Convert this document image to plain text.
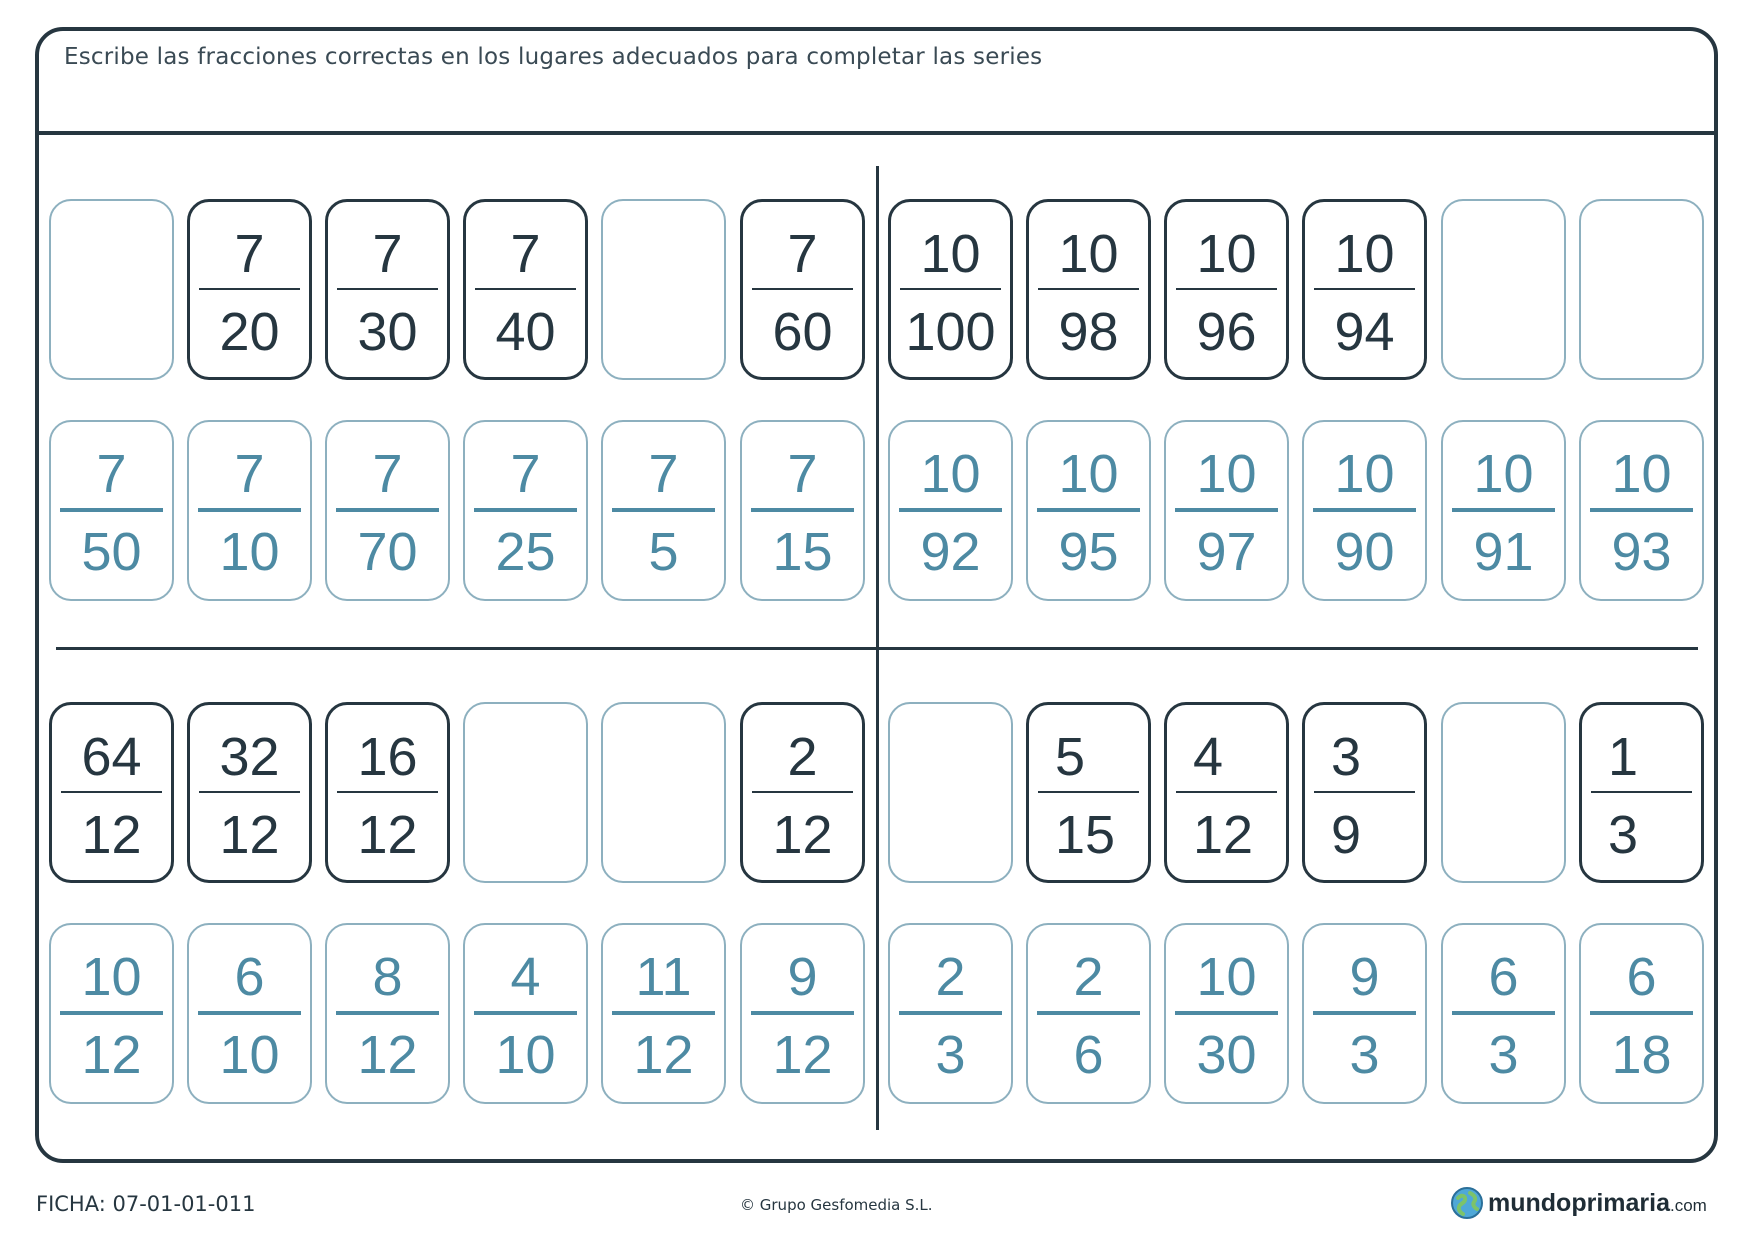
Escribe las fracciones correctas en los lugares adecuados para completar las series
7
20
7
30
7
40
7
60
10
100
10
98
10
96
10
94
7
50
7
10
7
70
7
25
7
5
7
15
10
92
10
95
10
97
10
90
10
91
10
93
64
12
32
12
16
12
2
12
5
15
4
12
3
9
1
3
10
12
6
10
8
12
4
10
11
12
9
12
2
3
2
6
10
30
9
3
6
3
6
18
FICHA: 07-01-01-011	© Grupo Gesfomedia S.L.	mundoprimaria .com
